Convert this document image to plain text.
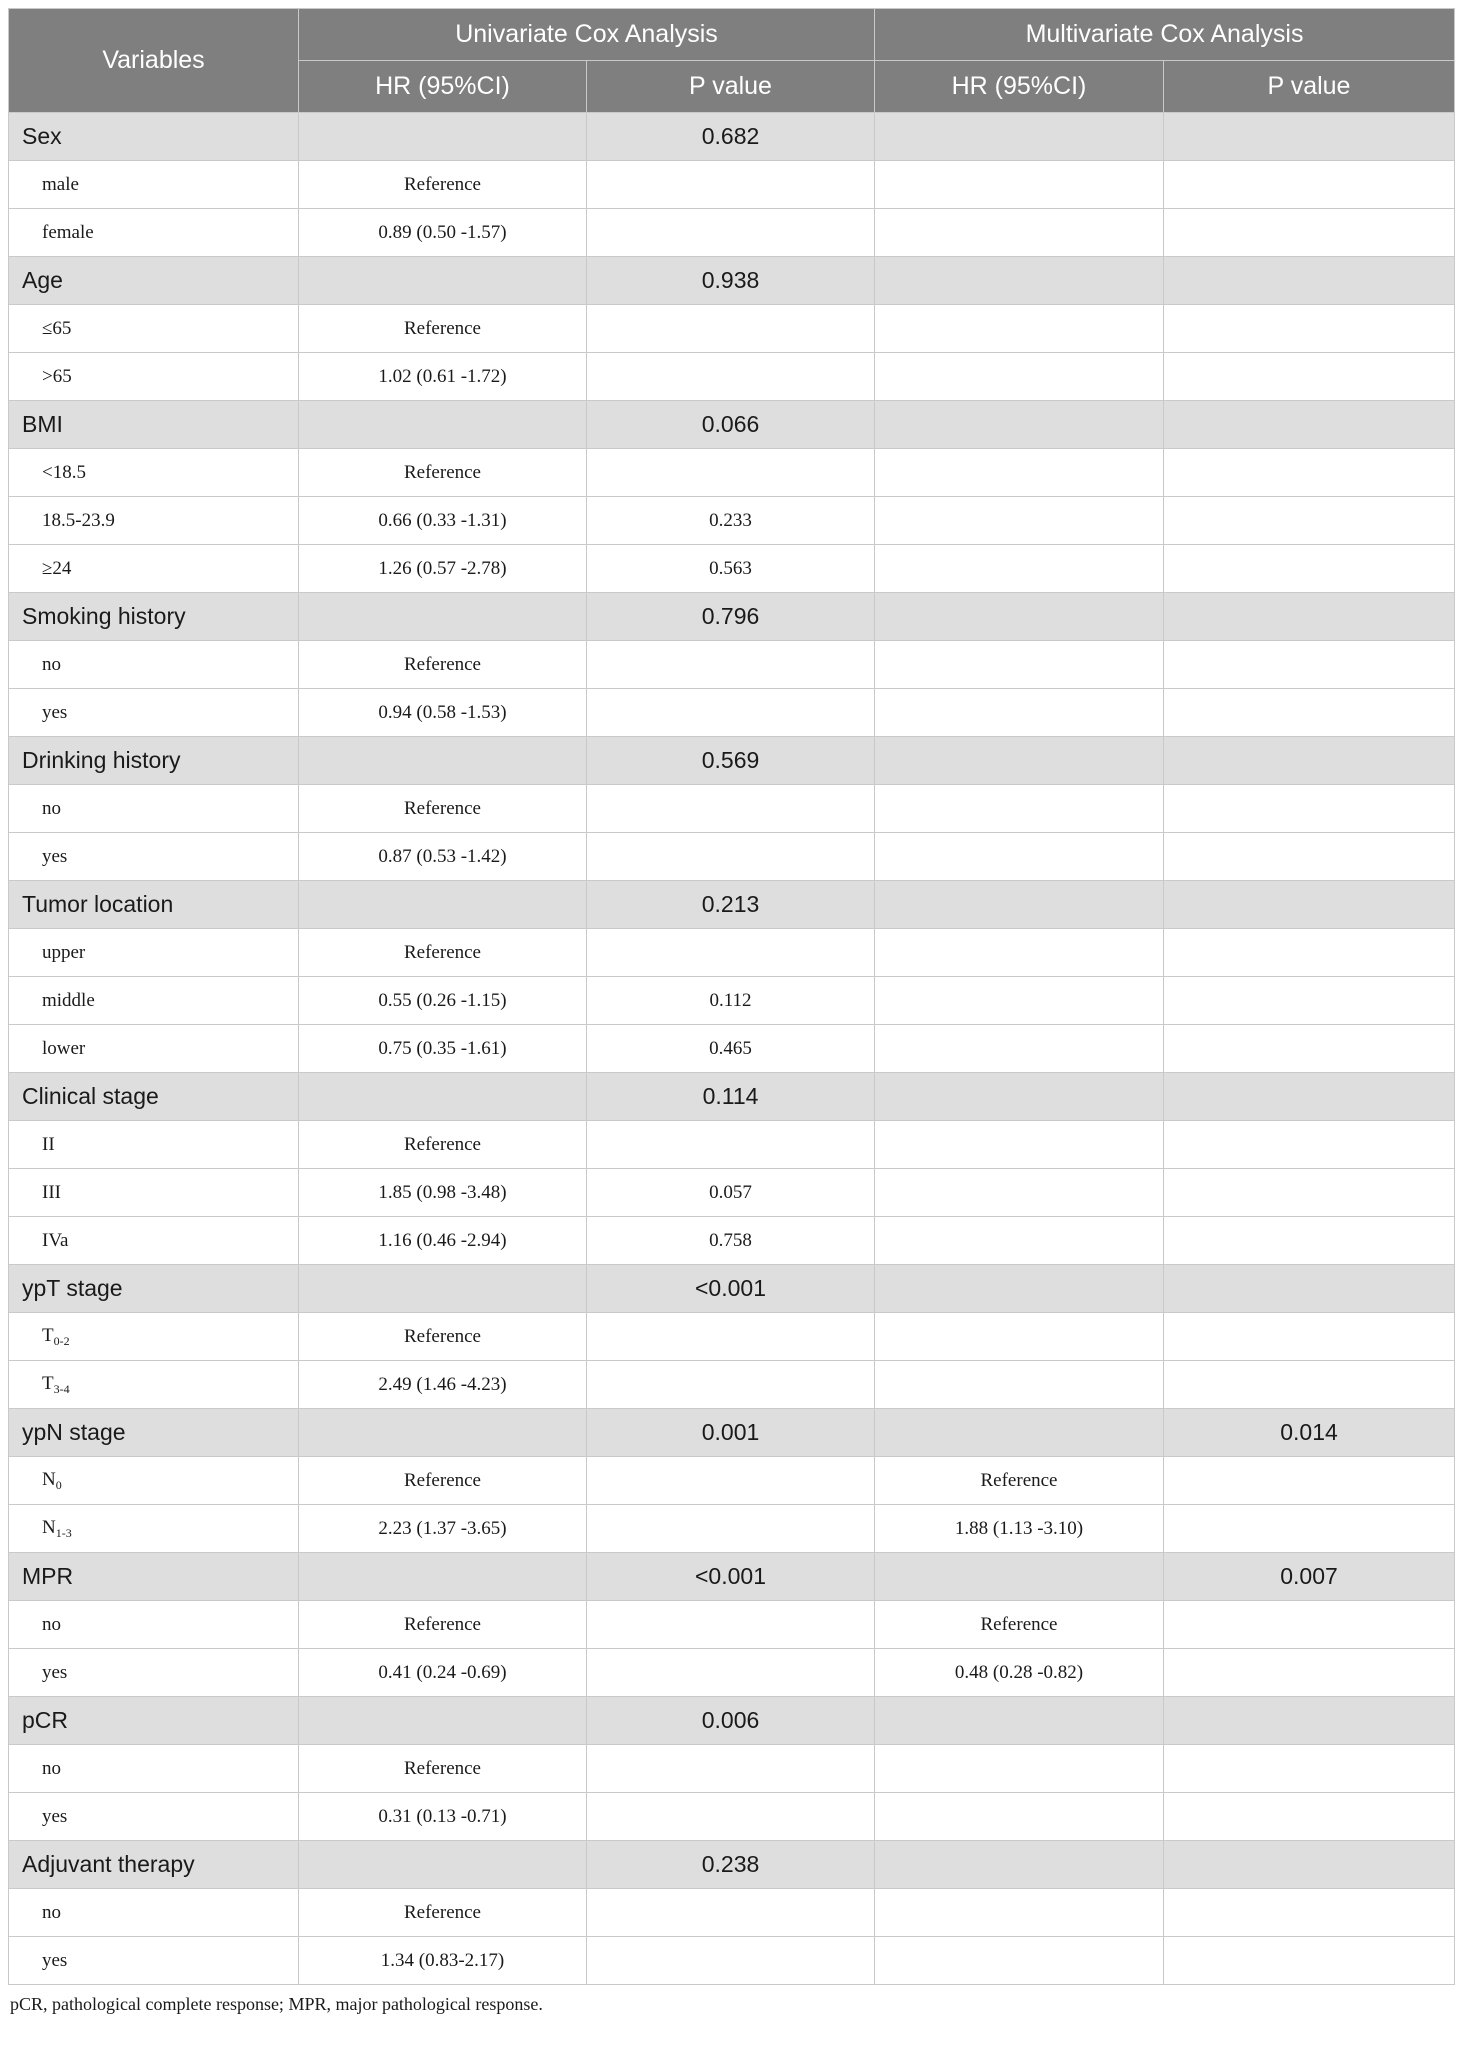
Variables	Univariate Cox Analysis		Multivariate Cox Analysis	
	HR (95%CI)	P value	HR (95%CI)	P value
Sex		0.682		
male	Reference			
female	0.89 (0.50 -1.57)			
Age		0.938		
≤65	Reference			
>65	1.02 (0.61 -1.72)			
BMI		0.066		
<18.5	Reference			
18.5-23.9	0.66 (0.33 -1.31)	0.233		
≥24	1.26 (0.57 -2.78)	0.563		
Smoking history		0.796		
no	Reference			
yes	0.94 (0.58 -1.53)			
Drinking history		0.569		
no	Reference			
yes	0.87 (0.53 -1.42)			
Tumor location		0.213		
upper	Reference			
middle	0.55 (0.26 -1.15)	0.112		
lower	0.75 (0.35 -1.61)	0.465		
Clinical stage		0.114		
II	Reference			
III	1.85 (0.98 -3.48)	0.057		
IVa	1.16 (0.46 -2.94)	0.758		
ypT stage		<0.001		
$T_{0-2}$	Reference			
$T_{3-4}$	2.49 (1.46 -4.23)			
ypN stage		0.001		0.014
$N_0$	Reference		Reference	
$N_{1-3}$	2.23 (1.37 -3.65)		1.88 (1.13 -3.10)	
MPR		<0.001		0.007
no	Reference		Reference	
yes	0.41 (0.24 -0.69)		0.48 (0.28 -0.82)	
pCR		0.006		
no	Reference			
yes	0.31 (0.13 -0.71)			
Adjuvant therapy		0.238		
no	Reference			
yes	1.34 (0.83-2.17)			
pCR, pathological complete response; MPR, major pathological response.
